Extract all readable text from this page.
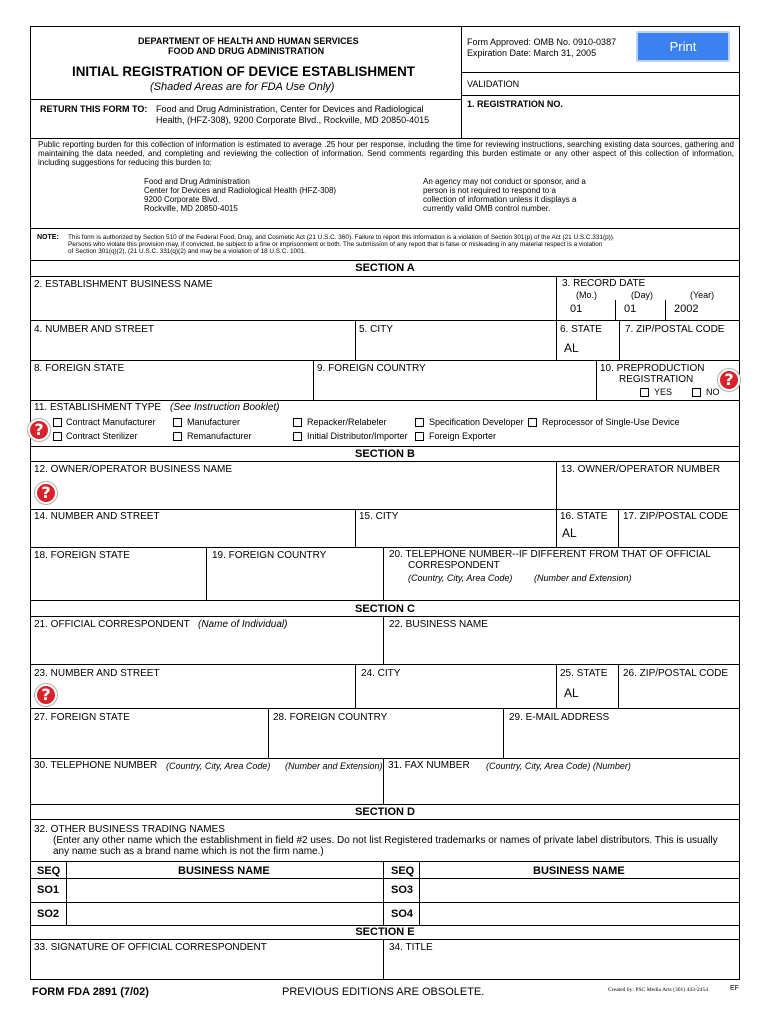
DEPARTMENT OF HEALTH AND HUMAN SERVICES
FOOD AND DRUG ADMINISTRATION
INITIAL REGISTRATION OF DEVICE ESTABLISHMENT
(Shaded Areas are for FDA Use Only)
RETURN THIS FORM TO: Food and Drug Administration, Center for Devices and Radiological
Health, (HFZ-308), 9200 Corporate Blvd., Rockville, MD 20850-4015
Form Approved: OMB No. 0910-0387
Expiration Date: March 31, 2005	Print
VALIDATION
1. REGISTRATION NO.
Public reporting burden for this collection of information is estimated to average .25 hour per response, including the time for reviewing instructions, searching existing data sources, gathering and maintaining the data needed, and completing and reviewing the collection of information. Send comments regarding this burden estimate or any other aspect of this collection of information, including suggestions for reducing this burden to:
Food and Drug Administration
Center for Devices and Radiological Health (HFZ-308)
9200 Corporate Blvd.
Rockville, MD 20850-4015
An agency may not conduct or sponsor, and a
person is not required to respond to a
collection of information unless it displays a
currently valid OMB control number.
NOTE: This form is authorized by Section 510 of the Federal Food, Drug, and Cosmetic Act (21 U.S.C. 360). Failure to report this information is a violation of Section 301(p) of the Act (21 U.S.C.331(p)).
Persons who violate this provision may, if convicted, be subject to a fine or imprisonment or both. The submission of any report that is false or misleading in any material respect is a violation
of Section 301(q)(2), (21 U.S.C. 331(q)(2) and may be a violation of 18 U.S.C. 1001.
SECTION A
2. ESTABLISHMENT BUSINESS NAME	3. RECORD DATE
(Mo.)	(Day)	(Year)
01	01	2002
4. NUMBER AND STREET	5. CITY	6. STATE 7. ZIP/POSTAL CODE
AL
8. FOREIGN STATE	9. FOREIGN COUNTRY	10. PREPRODUCTION
REGISTRATION
YES	NO
?
11. ESTABLISHMENT TYPE (See Instruction Booklet)
?	Contract Manufacturer	Manufacturer	Repacker/Relabeler	Specification Developer Reprocessor of Single-Use Device
Contract Sterilizer	Remanufacturer	Initial Distributor/Importer Foreign Exporter
SECTION B
12. OWNER/OPERATOR BUSINESS NAME	13. OWNER/OPERATOR NUMBER
?
14. NUMBER AND STREET	15. CITY	16. STATE 17. ZIP/POSTAL CODE
AL
18. FOREIGN STATE	19. FOREIGN COUNTRY	20. TELEPHONE NUMBER--IF DIFFERENT FROM THAT OF OFFICIAL
CORRESPONDENT
(Country, City, Area Code) (Number and Extension)
SECTION C
21. OFFICIAL CORRESPONDENT (Name of Individual)	22. BUSINESS NAME
23. NUMBER AND STREET	24. CITY	25. STATE 26. ZIP/POSTAL CODE
AL
?
27. FOREIGN STATE	28. FOREIGN COUNTRY	29. E-MAIL ADDRESS
30. TELEPHONE NUMBER (Country, City, Area Code) (Number and Extension) 31. FAX NUMBER (Country, City, Area Code) (Number)
SECTION D
32. OTHER BUSINESS TRADING NAMES
(Enter any other name which the establishment in field #2 uses. Do not list Registered trademarks or names of private label distributors. This is usually any name such as a brand name which is not the firm name.)
SEQ	BUSINESS NAME	SEQ	BUSINESS NAME
SO1	SO3
SO2	SO4
SECTION E
33. SIGNATURE OF OFFICIAL CORRESPONDENT	34. TITLE
FORM FDA 2891 (7/02)	PREVIOUS EDITIONS ARE OBSOLETE.	Created by: PSC Media Arts (301) 443-2454	EF
